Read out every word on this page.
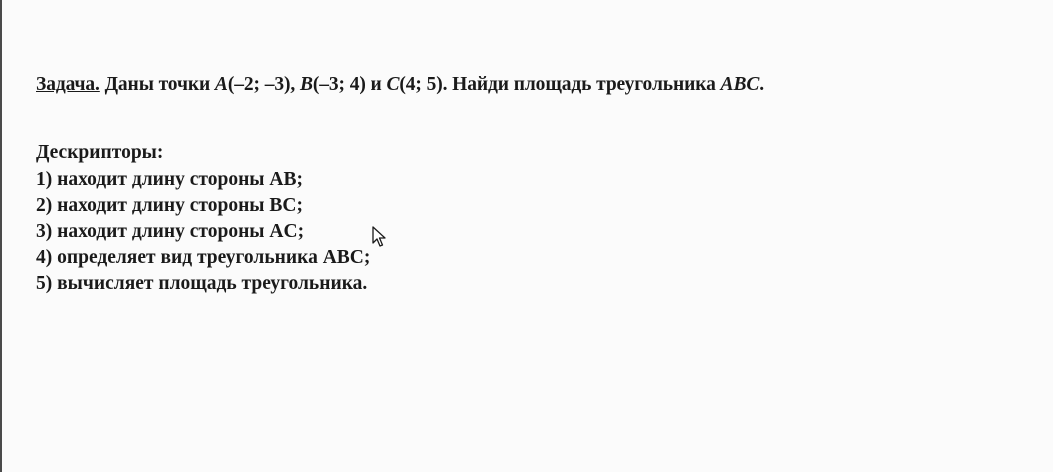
Задача. Даны точки A(–2; –3), B(–3; 4) и C(4; 5). Найди площадь треугольника ABC.
Дескрипторы:
1) находит длину стороны AB;
2) находит длину стороны BC;
3) находит длину стороны AC;
4) определяет вид треугольника ABC;
5) вычисляет площадь треугольника.
